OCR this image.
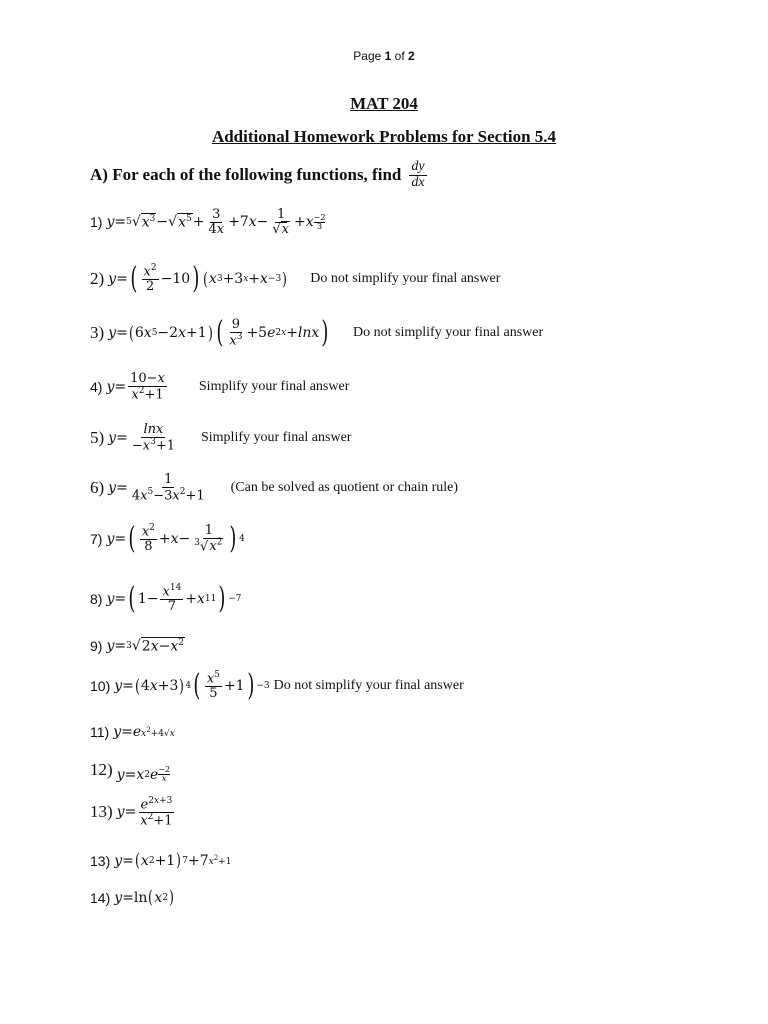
Page 1 of 2
MAT 204
Additional Homework Problems for Section 5.4
A) For each of the following functions, find $\frac{dy}{dx}$
1) y = 5 √ $x^3$ −√ $x^5 + \frac{3}{4x} +7$ $x - \frac{1}{√x} + x -2$
3
2) y = ( $\frac{x^2}{2} -10$ ) ( x 3 +3 x + x −3 ) Do not simplify your final answer
3) y = ( 6 x 5 −2 x +1 ) ( $\frac{9}{x^3} +5$ e 2x + lnx ) Do not simplify your final answer
4) $y = \frac{10-x}{x^2+1}$ Simplify your final answer
5) $y = \frac{\ln x}{-x^3+1}$ Simplify your final answer
6) $y = \frac{1}{4x^5-3x^2+1} (Can$ be solved as quotient or chain rule)
7) y = ( $\frac{x^2}{8} + x - \frac{1}{^3√x^2}$ ) 4
8) y = ( $1- \frac{x^{14}}{7} + x$ 11 ) −7
9) y = 3 √ $2x-x^2$
10) y = ( 4 x +3 ) 4 ( $\frac{x^5}{5} +1$ ) −3 Do not simplify your final answer
11) y = e $x^2+4√x$
12) y = x 2 e −2
x
13) $y = \frac{e^{2x+3}}{x^2+1}$
13) y = ( x 2 +1 ) 7 +7 $x^2+1$
14) y =ln ( x 2 )
